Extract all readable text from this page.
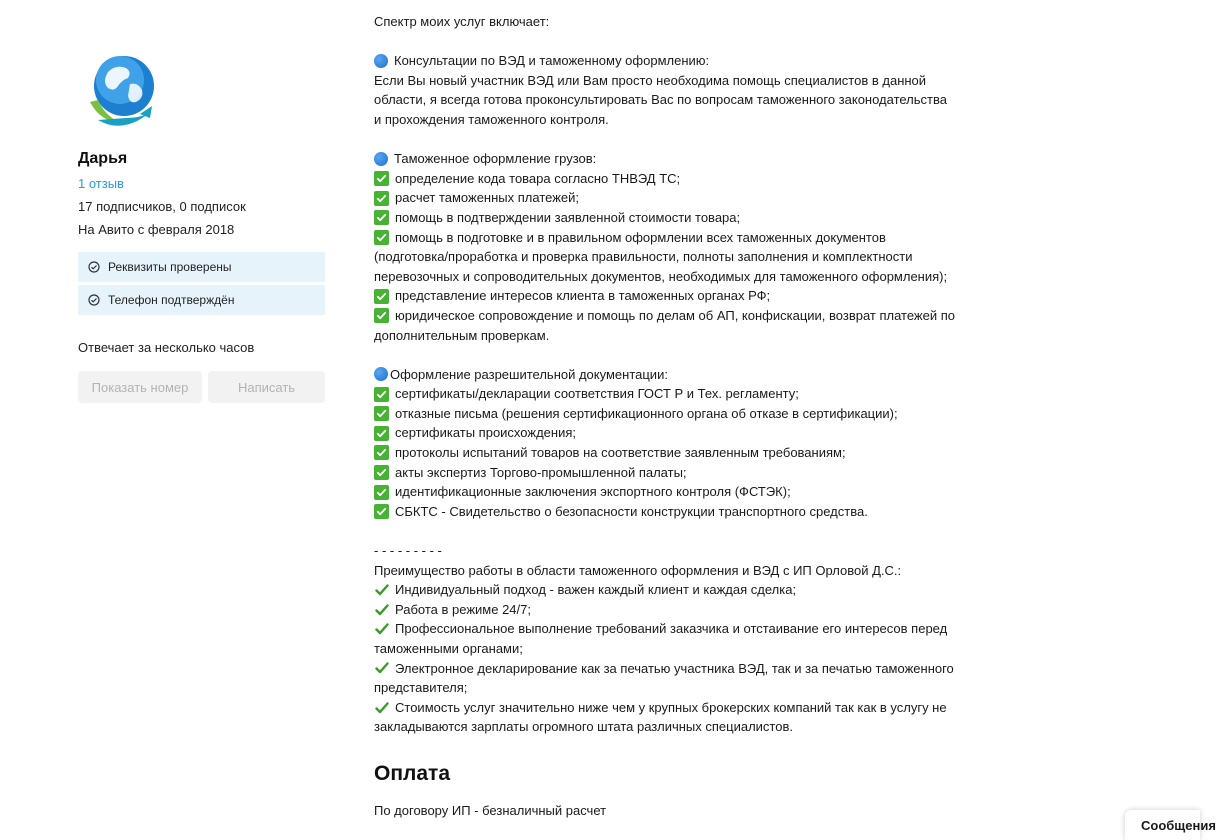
Дарья
1 отзыв
17 подписчиков, 0 подписок
На Авито с февраля 2018
Реквизиты проверены
Телефон подтверждён
Отвечает за несколько часов
Показать номер	Написать
Спектр моих услуг включает:
Консультации по ВЭД и таможенному оформлению:
Если Вы новый участник ВЭД или Вам просто необходима помощь специалистов в данной
области, я всегда готова проконсультировать Вас по вопросам таможенного законодательства
и прохождения таможенного контроля.
Таможенное оформление грузов:
определение кода товара согласно ТНВЭД ТС;
расчет таможенных платежей;
помощь в подтверждении заявленной стоимости товара;
помощь в подготовке и в правильном оформлении всех таможенных документов
(подготовка/проработка и проверка правильности, полноты заполнения и комплектности
перевозочных и сопроводительных документов, необходимых для таможенного оформления);
представление интересов клиента в таможенных органах РФ;
юридическое сопровождение и помощь по делам об АП, конфискации, возврат платежей по
дополнительным проверкам.
Оформление разрешительной документации:
сертификаты/декларации соответствия ГОСТ Р и Тех. регламенту;
отказные письма (решения сертификационного органа об отказе в сертификации);
сертификаты происхождения;
протоколы испытаний товаров на соответствие заявленным требованиям;
акты экспертиз Торгово-промышленной палаты;
идентификационные заключения экспортного контроля (ФСТЭК);
СБКТС - Свидетельство о безопасности конструкции транспортного средства.
- - - - - - - - -
Преимущество работы в области таможенного оформления и ВЭД с ИП Орловой Д.С.:
Индивидуальный подход - важен каждый клиент и каждая сделка;
Работа в режиме 24/7;
Профессиональное выполнение требований заказчика и отстаивание его интересов перед
таможенными органами;
Электронное декларирование как за печатью участника ВЭД, так и за печатью таможенного
представителя;
Стоимость услуг значительно ниже чем у крупных брокерских компаний так как в услугу не
закладываются зарплаты огромного штата различных специалистов.
Оплата
По договору ИП - безналичный расчет
Сообщения
